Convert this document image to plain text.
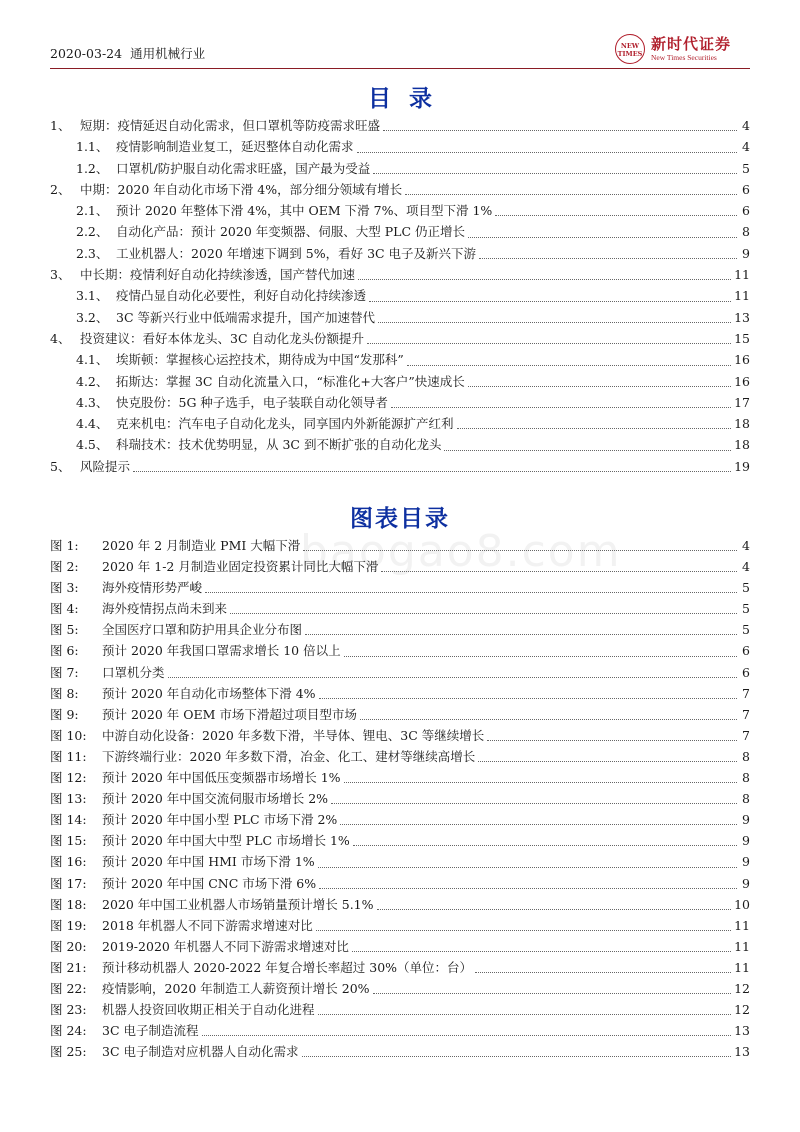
2020-03-24 通用机械行业	NEW TIMES
新时代证券
New Times Securities
目录
1、 短期：疫情延迟自动化需求，但口罩机等防疫需求旺盛	4
1.1、 疫情影响制造业复工，延迟整体自动化需求	4
1.2、 口罩机/防护服自动化需求旺盛，国产最为受益	5
2、 中期：2020 年自动化市场下滑 4%，部分细分领域有增长	6
2.1、 预计 2020 年整体下滑 4%，其中 OEM 下滑 7%、项目型下滑 1%	6
2.2、 自动化产品：预计 2020 年变频器、伺服、大型 PLC 仍正增长	8
2.3、 工业机器人：2020 年增速下调到 5%，看好 3C 电子及新兴下游	9
3、 中长期：疫情利好自动化持续渗透，国产替代加速	11
3.1、 疫情凸显自动化必要性，利好自动化持续渗透	11
3.2、 3C 等新兴行业中低端需求提升，国产加速替代	13
4、 投资建议：看好本体龙头、3C 自动化龙头份额提升	15
4.1、 埃斯顿：掌握核心运控技术，期待成为中国“发那科”	16
4.2、 拓斯达：掌握 3C 自动化流量入口，“标准化+大客户”快速成长	16
4.3、 快克股份：5G 种子选手，电子装联自动化领导者	17
4.4、 克来机电：汽车电子自动化龙头，同享国内外新能源扩产红利	18
4.5、 科瑞技术：技术优势明显，从 3C 到不断扩张的自动化龙头	18
5、 风险提示	19
图表目录
baogao8.com
图 1:	2020 年 2 月制造业 PMI 大幅下滑	4
图 2:	2020 年 1-2 月制造业固定投资累计同比大幅下滑	4
图 3:	海外疫情形势严峻	5
图 4:	海外疫情拐点尚未到来	5
图 5:	全国医疗口罩和防护用具企业分布图	5
图 6:	预计 2020 年我国口罩需求增长 10 倍以上	6
图 7:	口罩机分类	6
图 8:	预计 2020 年自动化市场整体下滑 4%	7
图 9:	预计 2020 年 OEM 市场下滑超过项目型市场	7
图 10:	中游自动化设备：2020 年多数下滑，半导体、锂电、3C 等继续增长	7
图 11:	下游终端行业：2020 年多数下滑，冶金、化工、建材等继续高增长	8
图 12:	预计 2020 年中国低压变频器市场增长 1%	8
图 13:	预计 2020 年中国交流伺服市场增长 2%	8
图 14:	预计 2020 年中国小型 PLC 市场下滑 2%	9
图 15:	预计 2020 年中国大中型 PLC 市场增长 1%	9
图 16:	预计 2020 年中国 HMI 市场下滑 1%	9
图 17:	预计 2020 年中国 CNC 市场下滑 6%	9
图 18:	2020 年中国工业机器人市场销量预计增长 5.1%	10
图 19:	2018 年机器人不同下游需求增速对比	11
图 20:	2019-2020 年机器人不同下游需求增速对比	11
图 21:	预计移动机器人 2020-2022 年复合增长率超过 30%（单位：台）	11
图 22:	疫情影响，2020 年制造工人薪资预计增长 20%	12
图 23:	机器人投资回收期正相关于自动化进程	12
图 24:	3C 电子制造流程	13
图 25:	3C 电子制造对应机器人自动化需求	13
